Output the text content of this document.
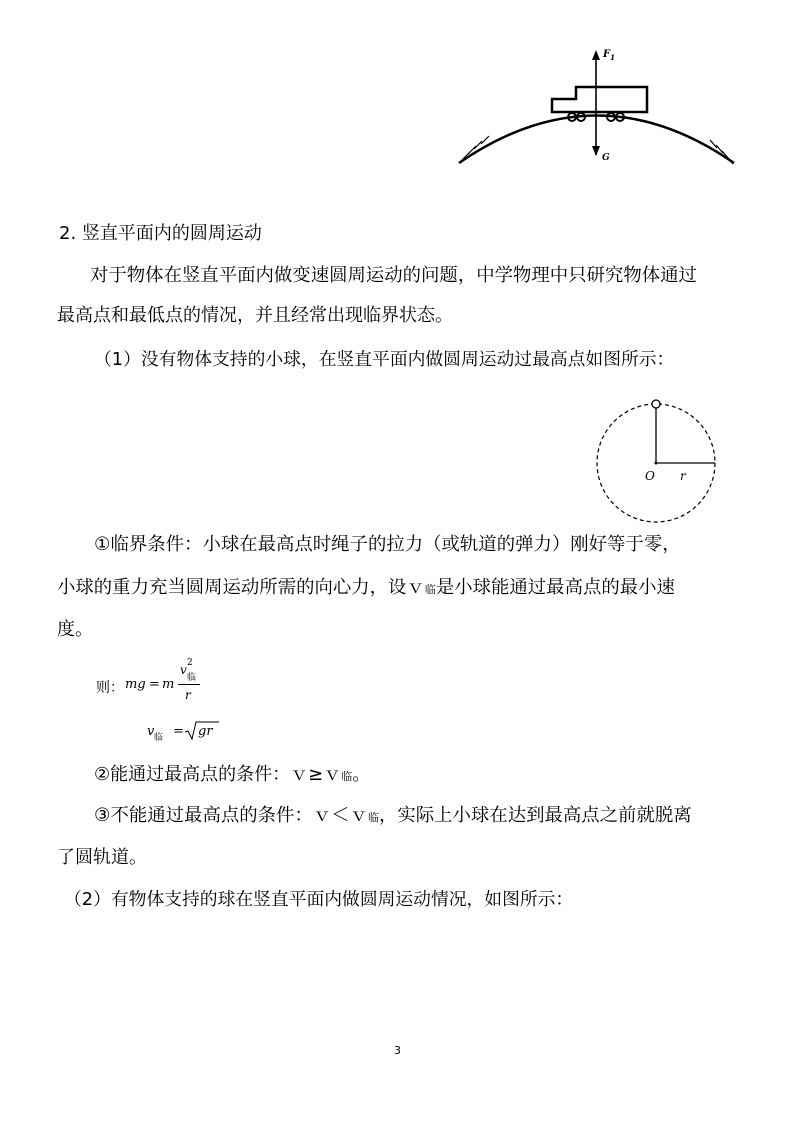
$F_1$
G
2. 竖直平面内的圆周运动
对于物体在竖直平面内做变速圆周运动的问题，中学物理中只研究物体通过
最高点和最低点的情况，并且经常出现临界状态。
（1）没有物体支持的小球，在竖直平面内做圆周运动过最高点如图所示：
O r
①临界条件：小球在最高点时绳子的拉力（或轨道的弹力）刚好等于零，
小球的重力充当圆周运动所需的向心力，设ｖ临是小球能通过最高点的最小速
度。
则： mg = m
v 2
临
r
v 临 = gr
②能通过最高点的条件：ｖ≥ｖ临。
③不能通过最高点的条件：ｖ＜ｖ临，实际上小球在达到最高点之前就脱离
了圆轨道。
（2）有物体支持的球在竖直平面内做圆周运动情况，如图所示：
3
